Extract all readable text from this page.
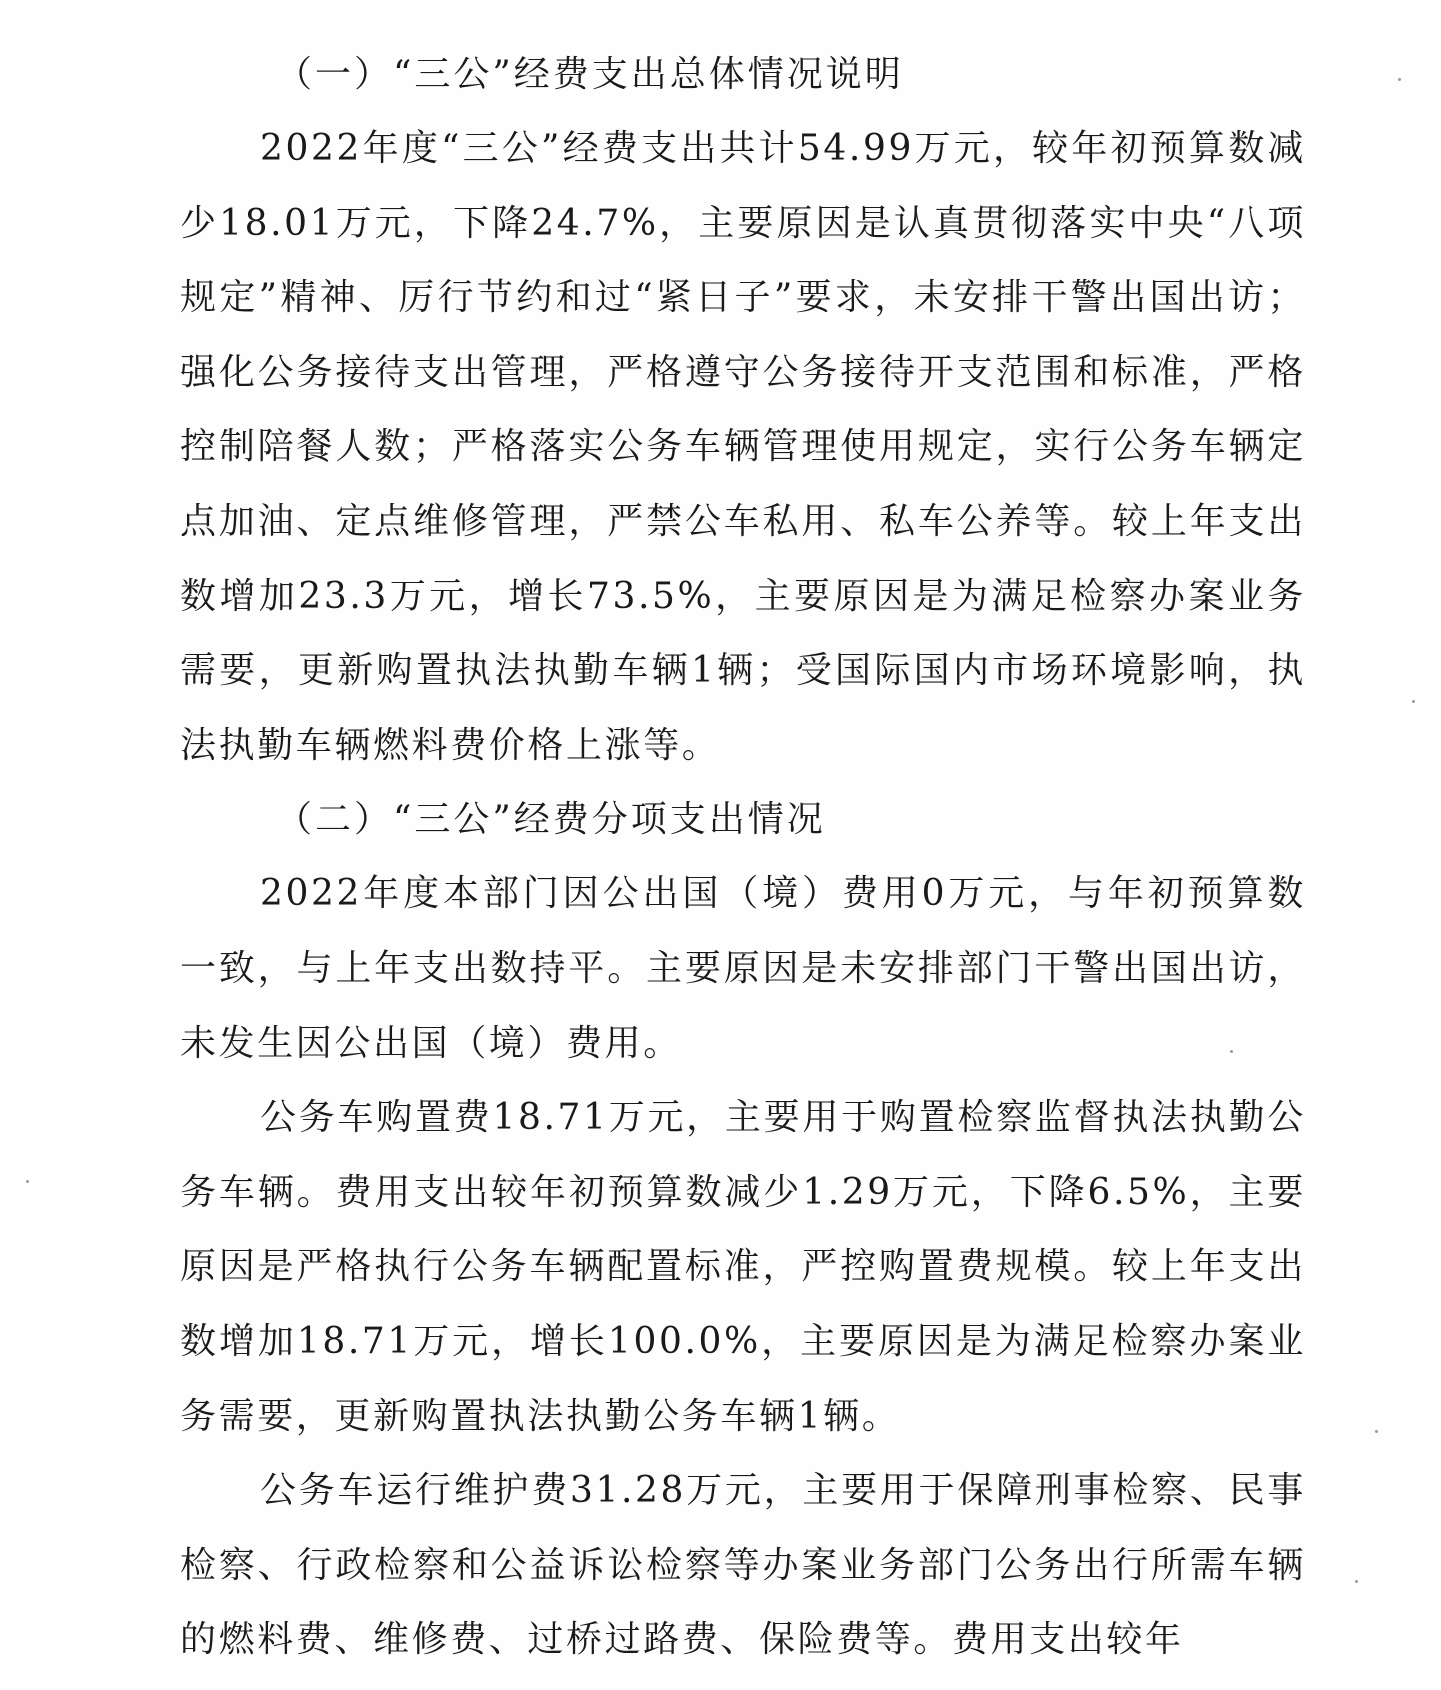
（一）“三公”经费支出总体情况说明

2022年度“三公”经费支出共计54.99万元，较年初预算数减少18.01万元，下降24.7%，主要原因是认真贯彻落实中央“八项规定”精神、厉行节约和过“紧日子”要求，未安排干警出国出访；强化公务接待支出管理，严格遵守公务接待开支范围和标准，严格控制陪餐人数；严格落实公务车辆管理使用规定，实行公务车辆定点加油、定点维修管理，严禁公车私用、私车公养等。较上年支出数增加23.3万元，增长73.5%，主要原因是为满足检察办案业务需要，更新购置执法执勤车辆1辆；受国际国内市场环境影响，执法执勤车辆燃料费价格上涨等。

（二）“三公”经费分项支出情况

2022年度本部门因公出国（境）费用0万元，与年初预算数一致，与上年支出数持平。主要原因是未安排部门干警出国出访，未发生因公出国（境）费用。

公务车购置费18.71万元，主要用于购置检察监督执法执勤公务车辆。费用支出较年初预算数减少1.29万元，下降6.5%，主要原因是严格执行公务车辆配置标准，严控购置费规模。较上年支出数增加18.71万元，增长100.0%，主要原因是为满足检察办案业务需要，更新购置执法执勤公务车辆1辆。

公务车运行维护费31.28万元，主要用于保障刑事检察、民事检察、行政检察和公益诉讼检察等办案业务部门公务出行所需车辆的燃料费、维修费、过桥过路费、保险费等。费用支出较年
